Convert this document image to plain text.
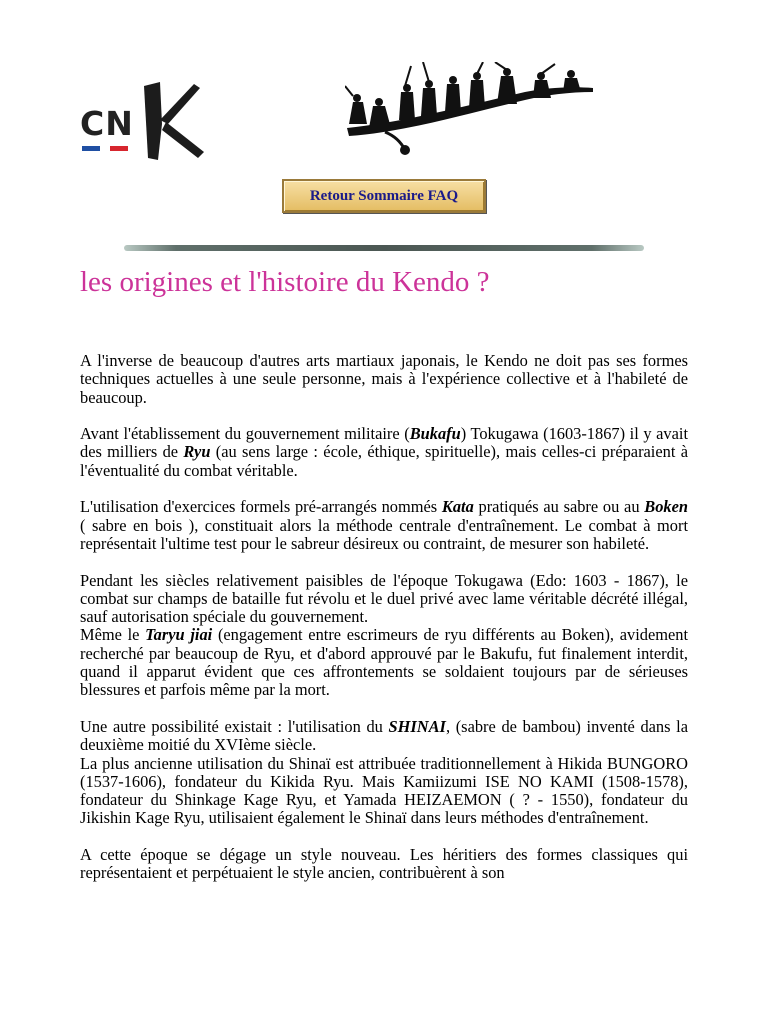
CN
Retour Sommaire FAQ
les origines et l'histoire du Kendo ?

A l'inverse de beaucoup d'autres arts martiaux japonais, le Kendo ne doit pas ses formes techniques actuelles à une seule personne, mais à l'expérience collective et à l'habileté de beaucoup.

Avant l'établissement du gouvernement militaire (Bukafu) Tokugawa (1603-1867) il y avait des milliers de Ryu (au sens large : école, éthique, spirituelle), mais celles-ci préparaient à l'éventualité du combat véritable.

L'utilisation d'exercices formels pré-arrangés nommés Kata pratiqués au sabre ou au Boken ( sabre en bois ), constituait alors la méthode centrale d'entraînement. Le combat à mort représentait l'ultime test pour le sabreur désireux ou contraint, de mesurer son habileté.

Pendant les siècles relativement paisibles de l'époque Tokugawa (Edo: 1603 - 1867), le combat sur champs de bataille fut révolu et le duel privé avec lame véritable décrété illégal, sauf autorisation spéciale du gouvernement.

Même le Taryu jiai (engagement entre escrimeurs de ryu différents au Boken), avidement recherché par beaucoup de Ryu, et d'abord approuvé par le Bakufu, fut finalement interdit, quand il apparut évident que ces affrontements se soldaient toujours par de sérieuses blessures et parfois même par la mort.

Une autre possibilité existait : l'utilisation du SHINAI, (sabre de bambou) inventé dans la deuxième moitié du XVIème siècle.

La plus ancienne utilisation du Shinaï est attribuée traditionnellement à Hikida BUNGORO (1537-1606), fondateur du Kikida Ryu. Mais Kamiizumi ISE NO KAMI (1508-1578), fondateur du Shinkage Kage Ryu, et Yamada HEIZAEMON ( ? - 1550), fondateur du Jikishin Kage Ryu, utilisaient également le Shinaï dans leurs méthodes d'entraînement.

A cette époque se dégage un style nouveau. Les héritiers des formes classiques qui représentaient et perpétuaient le style ancien, contribuèrent à son
